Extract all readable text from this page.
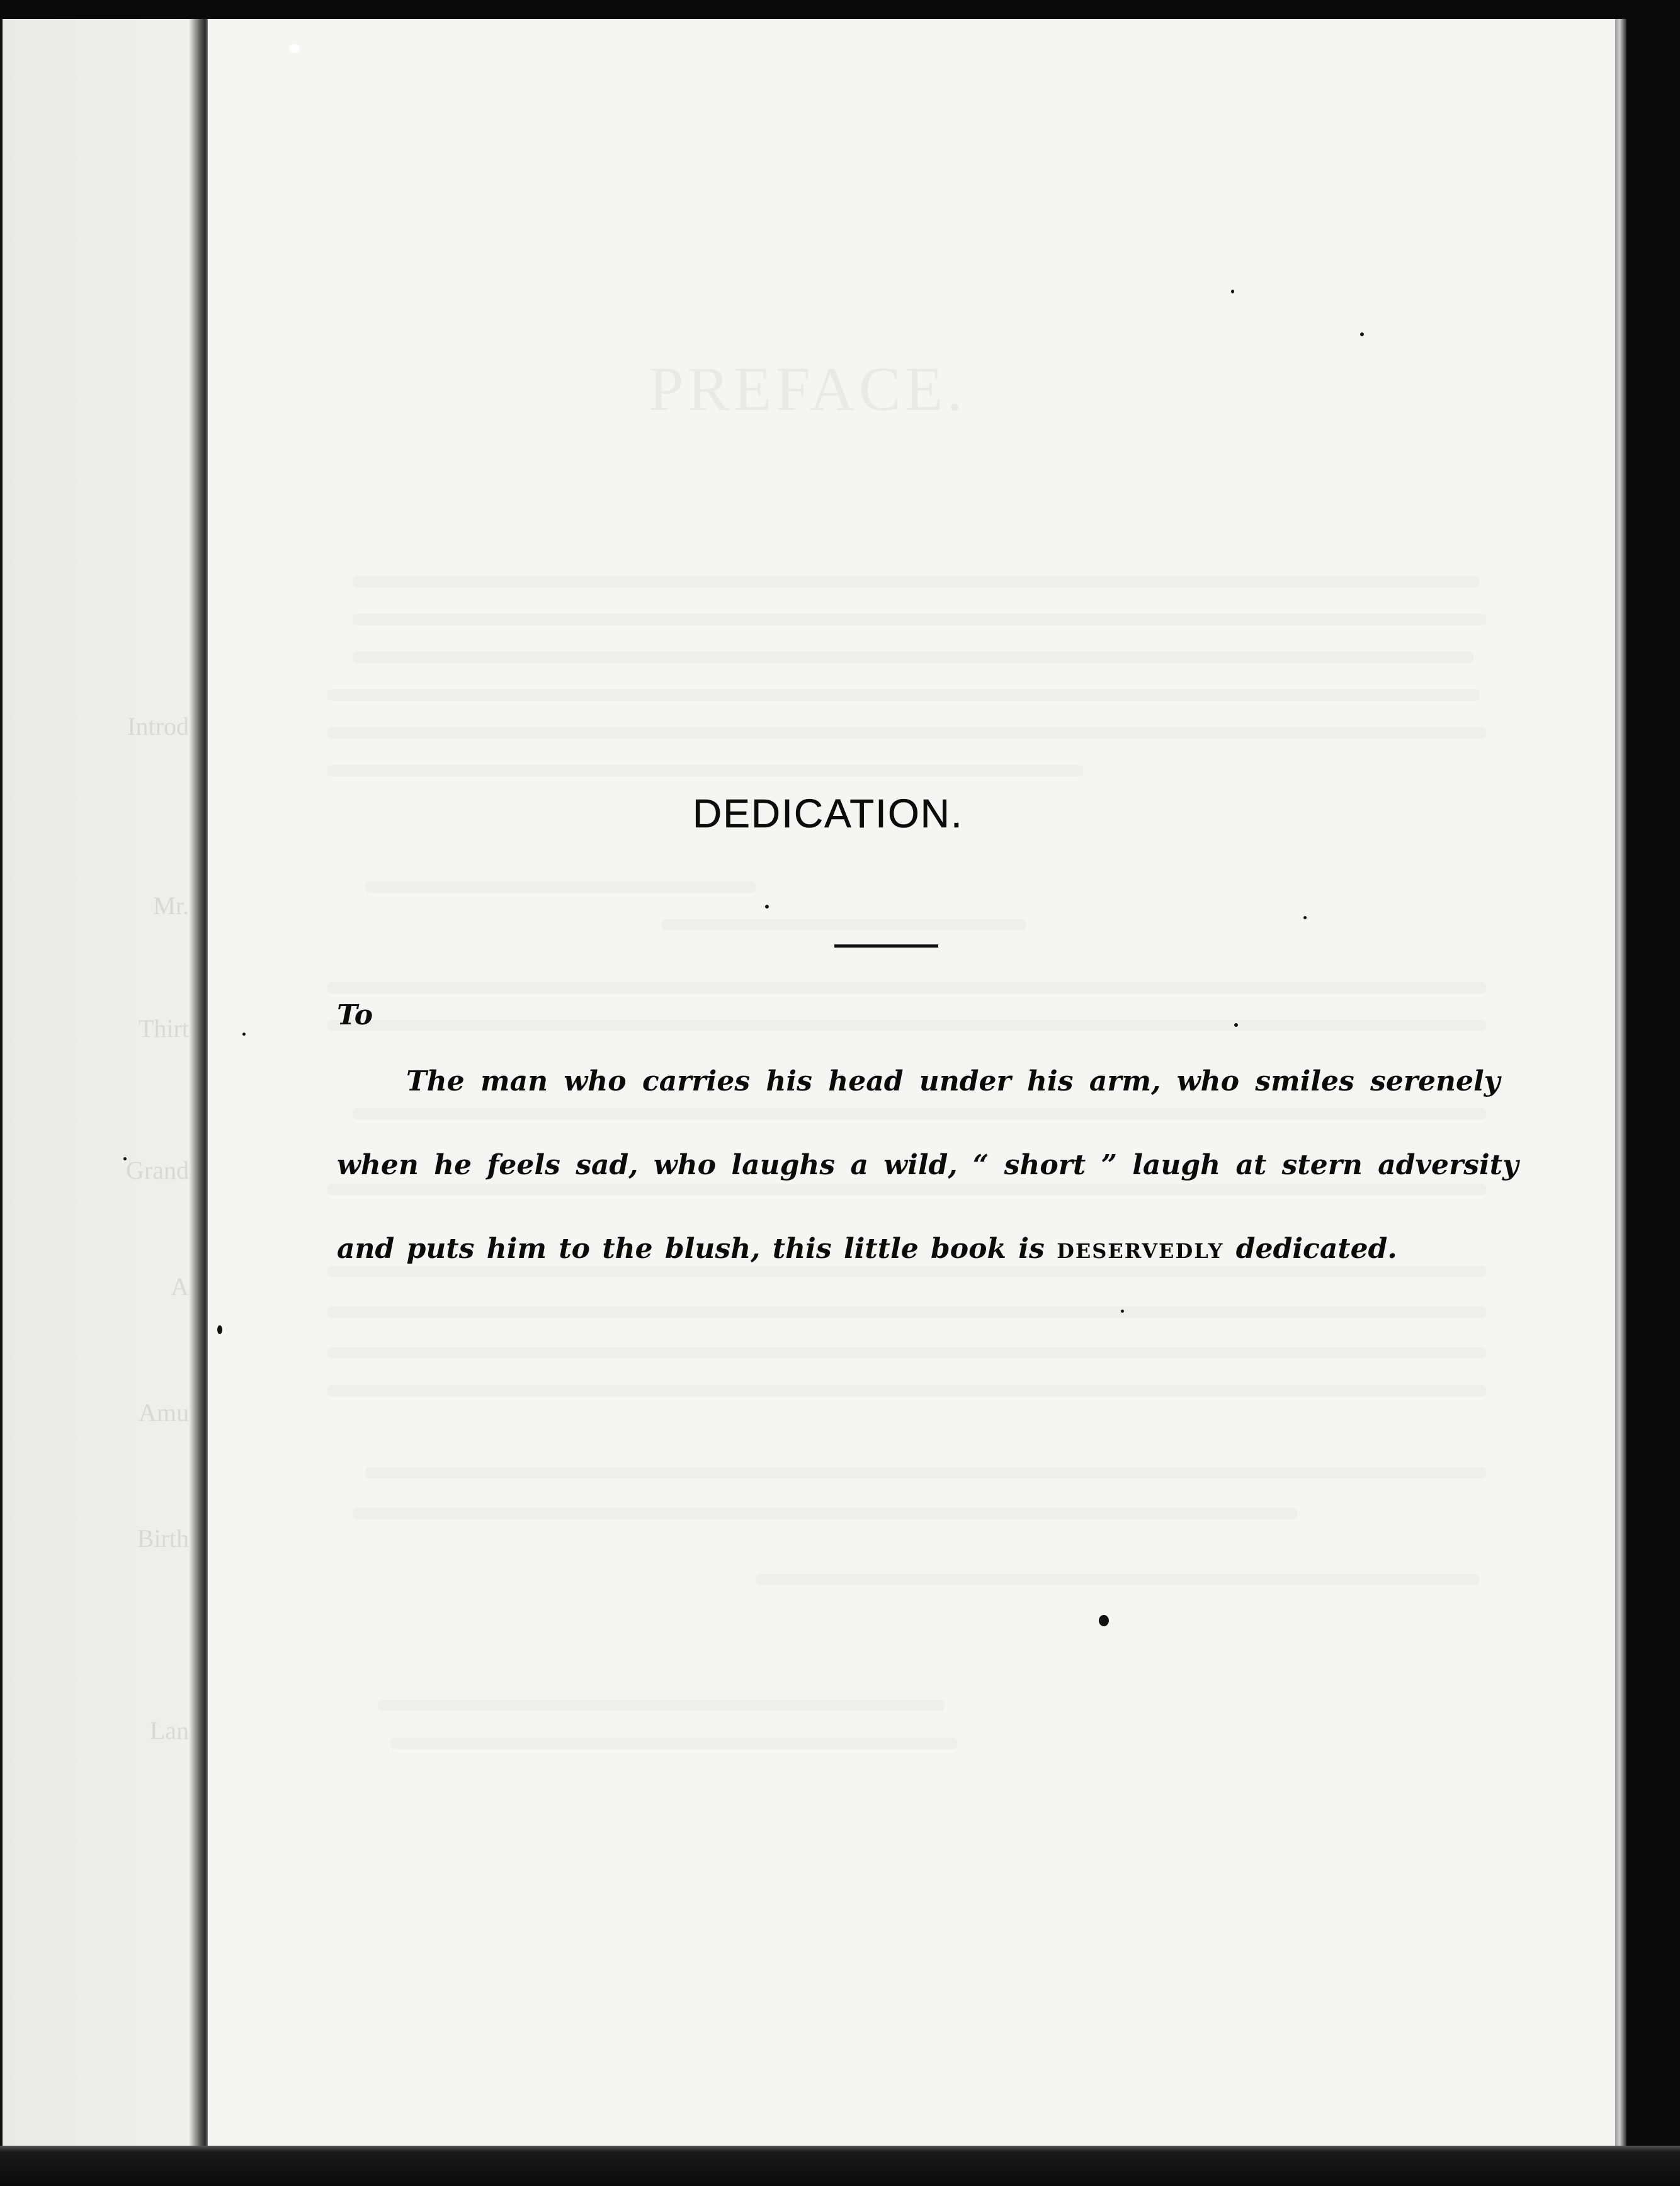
DEDICATION.
To
The man who carries his head under his arm, who smiles serenely
when he feels sad, who laughs a wild, “ short ” laugh at stern adversity
and puts him to the blush, this little book is DESERVEDLY dedicated.
